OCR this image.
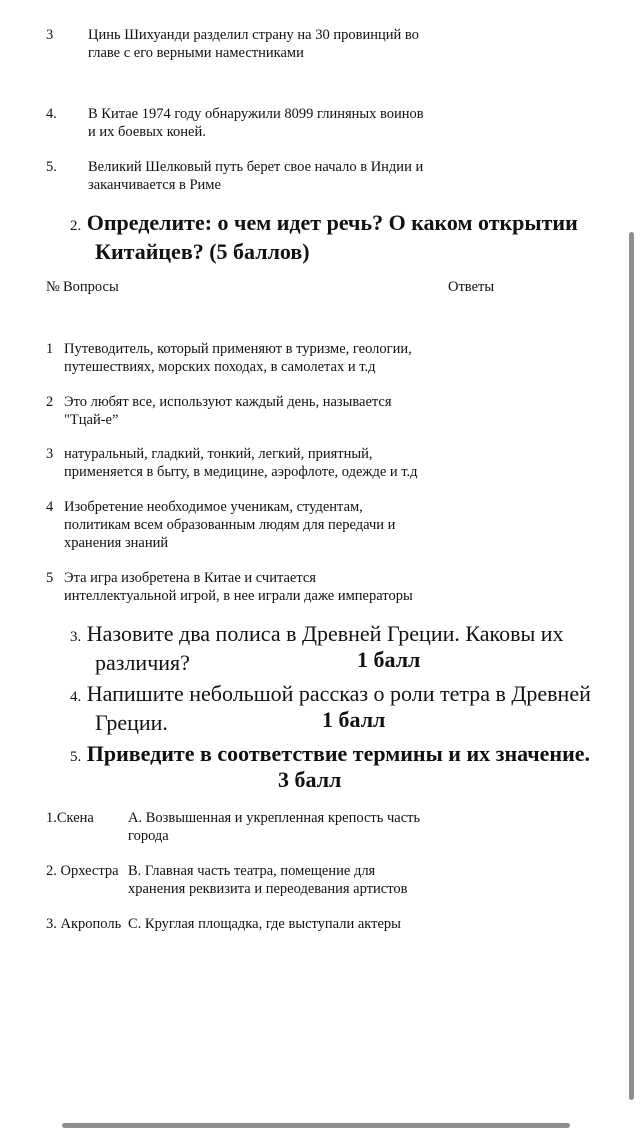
3 Цинь Шихуанди разделил страну на 30 провинций во
главе с его верными наместниками
4. В Китае 1974 году обнаружили 8099 глиняных воинов
и их боевых коней.
5. Великий Шелковый путь берет свое начало в Индии и
заканчивается в Риме
2. Определите: о чем идет речь? О каком открытии
Китайцев? (5 баллов)
№ Вопросы	Ответы
1 Путеводитель, который применяют в туризме, геологии,
путешествиях, морских походах, в самолетах и т.д
2 Это любят все, используют каждый день, называется
"Тцай-е”
3 натуральный, гладкий, тонкий, легкий, приятный,
применяется в быту, в медицине, аэрофлоте, одежде и т.д
4 Изобретение необходимое ученикам, студентам,
политикам всем образованным людям для передачи и
хранения знаний
5 Эта игра изобретена в Китае и считается
интеллектуальной игрой, в нее играли даже императоры
3. Назовите два полиса в Древней Греции. Каковы их
различия?	1 балл
4. Напишите небольшой рассказ о роли тетра в Древней
Греции.	1 балл
5. Приведите в соответствие термины и их значение.
3 балл
1.Скена А. Возвышенная и укрепленная крепость часть
города
2. Орхестра В. Главная часть театра, помещение для
хранения реквизита и переодевания артистов
3. Акрополь С. Круглая площадка, где выступали актеры
